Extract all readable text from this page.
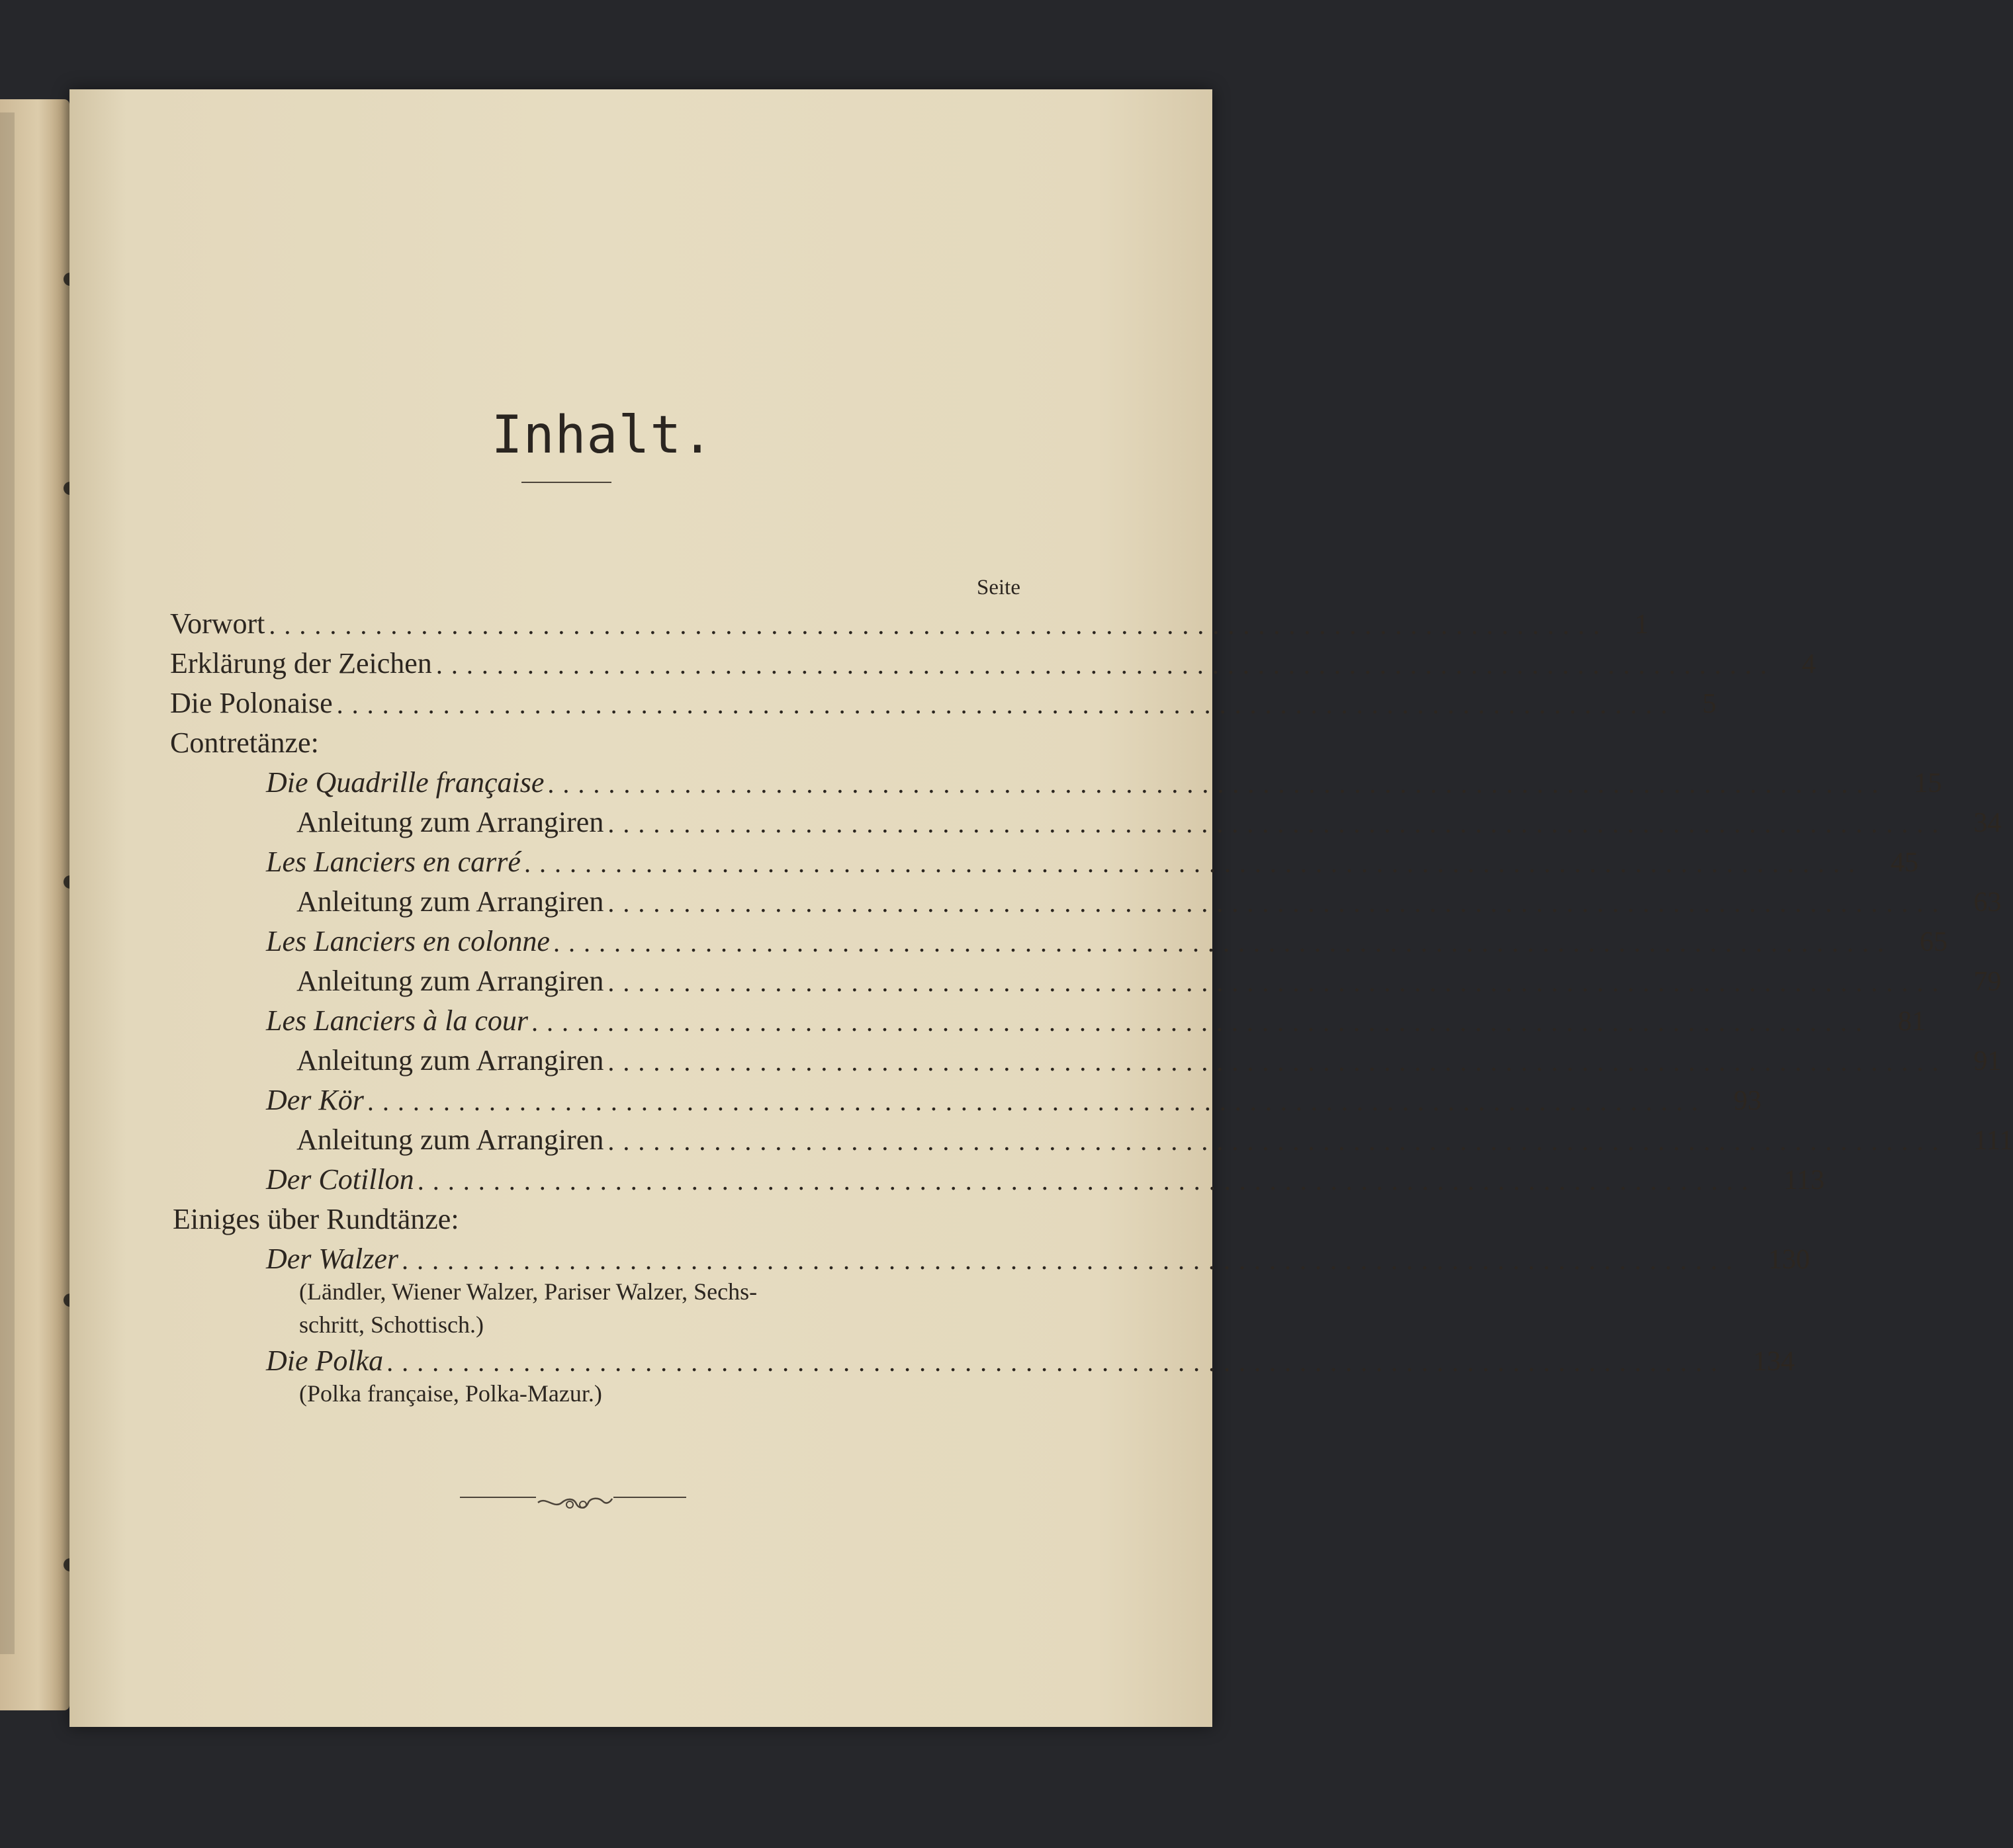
Inhalt.
Seite
Vorwort ........................................................................................ 1
Erklärung der Zeichen ........................................................................................ 4
Die Polonaise ........................................................................................ 5
Contretänze:
Die Quadrille française ........................................................................................ 15
Anleitung zum Arrangiren ........................................................................................ 34
Les Lanciers en carré ........................................................................................ 45
Anleitung zum Arrangiren ........................................................................................ 63
Les Lanciers en colonne ........................................................................................ 65
Anleitung zum Arrangiren ........................................................................................ 79
Les Lanciers à la cour ........................................................................................ 81
Anleitung zum Arrangiren ........................................................................................ 91
Der Kör ........................................................................................ 93
Anleitung zum Arrangiren ........................................................................................ 111
Der Cotillon ........................................................................................ 113
Einiges über Rundtänze:
Der Walzer ........................................................................................ 130
(Ländler, Wiener Walzer, Pariser Walzer, Sechs-
schritt, Schottisch.)
Die Polka ........................................................................................ 134
(Polka française, Polka-Mazur.)
